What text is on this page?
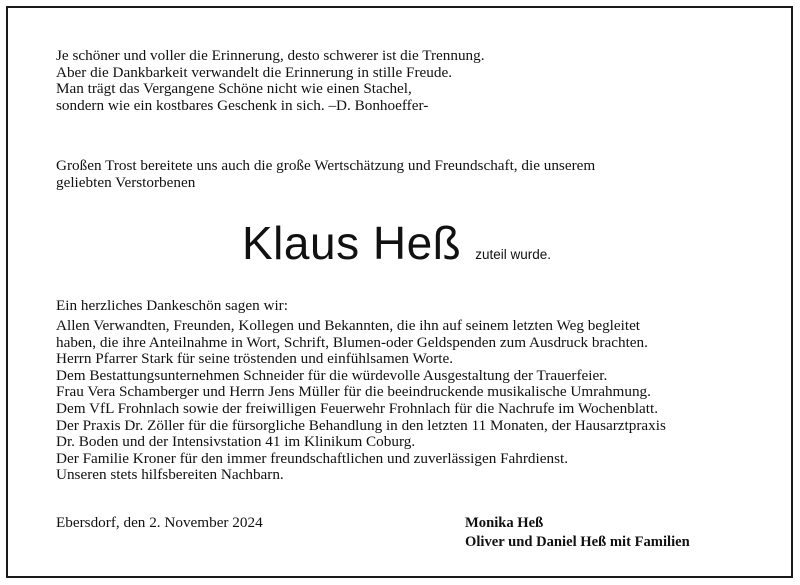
Je schöner und voller die Erinnerung, desto schwerer ist die Trennung.
Aber die Dankbarkeit verwandelt die Erinnerung in stille Freude.
Man trägt das Vergangene Schöne nicht wie einen Stachel,
sondern wie ein kostbares Geschenk in sich. –D. Bonhoeffer-
Großen Trost bereitete uns auch die große Wertschätzung und Freundschaft, die unserem
geliebten Verstorbenen
Klaus Heß zuteil wurde.
Ein herzliches Dankeschön sagen wir:
Allen Verwandten, Freunden, Kollegen und Bekannten, die ihn auf seinem letzten Weg begleitet
haben, die ihre Anteilnahme in Wort, Schrift, Blumen-oder Geldspenden zum Ausdruck brachten.
Herrn Pfarrer Stark für seine tröstenden und einfühlsamen Worte.
Dem Bestattungsunternehmen Schneider für die würdevolle Ausgestaltung der Trauerfeier.
Frau Vera Schamberger und Herrn Jens Müller für die beeindruckende musikalische Umrahmung.
Dem VfL Frohnlach sowie der freiwilligen Feuerwehr Frohnlach für die Nachrufe im Wochenblatt.
Der Praxis Dr. Zöller für die fürsorgliche Behandlung in den letzten 11 Monaten, der Hausarztpraxis
Dr. Boden und der Intensivstation 41 im Klinikum Coburg.
Der Familie Kroner für den immer freundschaftlichen und zuverlässigen Fahrdienst.
Unseren stets hilfsbereiten Nachbarn.
Ebersdorf, den 2. November 2024	Monika Heß
Oliver und Daniel Heß mit Familien
